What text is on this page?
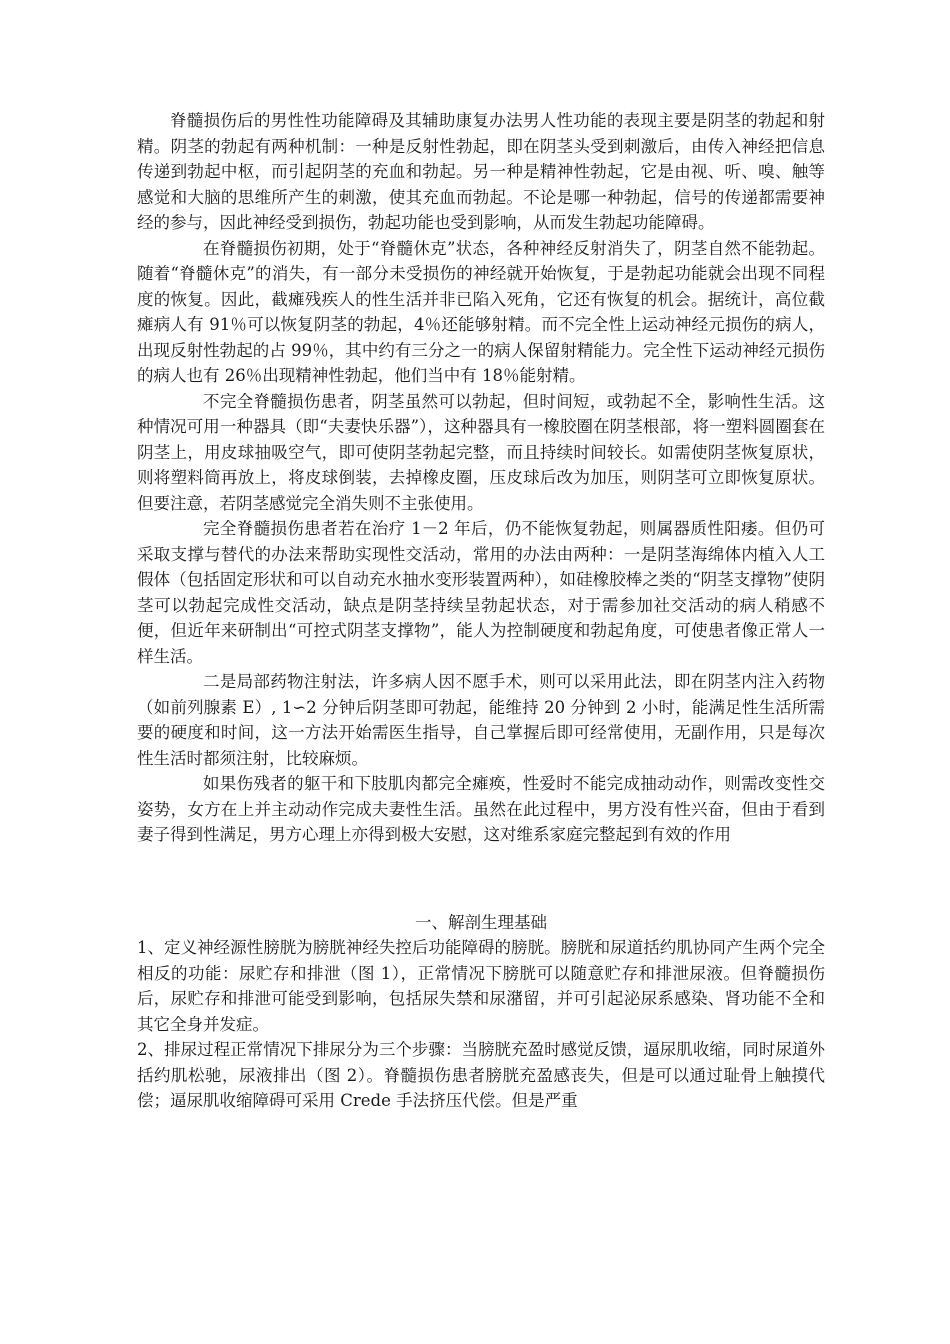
脊髓损伤后的男性性功能障碍及其辅助康复办法男人性功能的表现主要是阴茎的勃起和射精。阴茎的勃起有两种机制：一种是反射性勃起，即在阴茎头受到刺激后，由传入神经把信息传递到勃起中枢，而引起阴茎的充血和勃起。另一种是精神性勃起，它是由视、听、嗅、触等感觉和大脑的思维所产生的刺激，使其充血而勃起。不论是哪一种勃起，信号的传递都需要神经的参与，因此神经受到损伤，勃起功能也受到影响，从而发生勃起功能障碍。

在脊髓损伤初期，处于“脊髓休克”状态，各种神经反射消失了，阴茎自然不能勃起。随着“脊髓休克”的消失，有一部分未受损伤的神经就开始恢复，于是勃起功能就会出现不同程度的恢复。因此，截瘫残疾人的性生活并非已陷入死角，它还有恢复的机会。据统计，高位截瘫病人有 91％可以恢复阴茎的勃起，4％还能够射精。而不完全性上运动神经元损伤的病人，出现反射性勃起的占 99％，其中约有三分之一的病人保留射精能力。完全性下运动神经元损伤的病人也有 26％出现精神性勃起，他们当中有 18％能射精。

不完全脊髓损伤患者，阴茎虽然可以勃起，但时间短，或勃起不全，影响性生活。这种情况可用一种器具（即“夫妻快乐器”），这种器具有一橡胶圈在阴茎根部，将一塑料圆圈套在阴茎上，用皮球抽吸空气，即可使阴茎勃起完整，而且持续时间较长。如需使阴茎恢复原状，则将塑料筒再放上，将皮球倒装，去掉橡皮圈，压皮球后改为加压，则阴茎可立即恢复原状。但要注意，若阴茎感觉完全消失则不主张使用。

完全脊髓损伤患者若在治疗 1－2 年后，仍不能恢复勃起，则属器质性阳痿。但仍可采取支撑与替代的办法来帮助实现性交活动，常用的办法由两种：一是阴茎海绵体内植入人工假体（包括固定形状和可以自动充水抽水变形装置两种），如硅橡胶棒之类的“阴茎支撑物”使阴茎可以勃起完成性交活动，缺点是阴茎持续呈勃起状态，对于需参加社交活动的病人稍感不便，但近年来研制出“可控式阴茎支撑物”，能人为控制硬度和勃起角度，可使患者像正常人一样生活。

二是局部药物注射法，许多病人因不愿手术，则可以采用此法，即在阴茎内注入药物（如前列腺素 E）, 1∽2 分钟后阴茎即可勃起，能维持 20 分钟到 2 小时，能满足性生活所需要的硬度和时间，这一方法开始需医生指导，自己掌握后即可经常使用，无副作用，只是每次性生活时都须注射，比较麻烦。

如果伤残者的躯干和下肢肌肉都完全瘫痪，性爱时不能完成抽动动作，则需改变性交姿势，女方在上并主动动作完成夫妻性生活。虽然在此过程中，男方没有性兴奋，但由于看到妻子得到性满足，男方心理上亦得到极大安慰，这对维系家庭完整起到有效的作用

一、解剖生理基础

1、定义神经源性膀胱为膀胱神经失控后功能障碍的膀胱。膀胱和尿道括约肌协同产生两个完全相反的功能：尿贮存和排泄（图 1），正常情况下膀胱可以随意贮存和排泄尿液。但脊髓损伤后，尿贮存和排泄可能受到影响，包括尿失禁和尿潴留，并可引起泌尿系感染、肾功能不全和其它全身并发症。

2、排尿过程正常情况下排尿分为三个步骤：当膀胱充盈时感觉反馈，逼尿肌收缩，同时尿道外括约肌松驰，尿液排出（图 2）。脊髓损伤患者膀胱充盈感丧失，但是可以通过耻骨上触摸代偿；逼尿肌收缩障碍可采用 Crede 手法挤压代偿。但是严重
